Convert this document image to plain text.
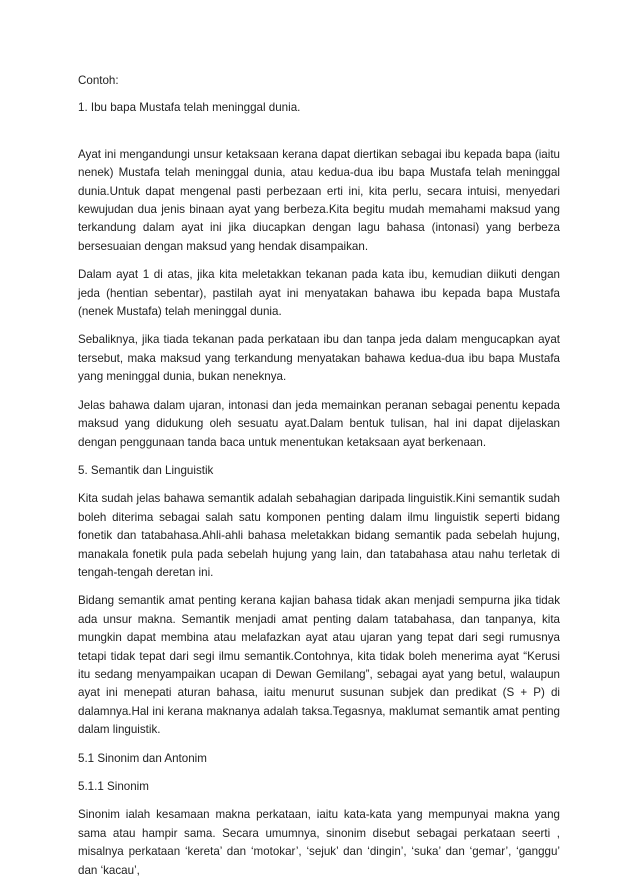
Contoh:

1. Ibu bapa Mustafa telah meninggal dunia.

Ayat ini mengandungi unsur ketaksaan kerana dapat diertikan sebagai ibu kepada bapa (iaitu nenek) Mustafa telah meninggal dunia, atau kedua-dua ibu bapa Mustafa telah meninggal dunia.Untuk dapat mengenal pasti perbezaan erti ini, kita perlu, secara intuisi, menyedari kewujudan dua jenis binaan ayat yang berbeza.Kita begitu mudah memahami maksud yang terkandung dalam ayat ini jika diucapkan dengan lagu bahasa (intonasi) yang berbeza bersesuaian dengan maksud yang hendak disampaikan.

Dalam ayat 1 di atas, jika kita meletakkan tekanan pada kata ibu, kemudian diikuti dengan jeda (hentian sebentar), pastilah ayat ini menyatakan bahawa ibu kepada bapa Mustafa (nenek Mustafa) telah meninggal dunia.

Sebaliknya, jika tiada tekanan pada perkataan ibu dan tanpa jeda dalam mengucapkan ayat tersebut, maka maksud yang terkandung menyatakan bahawa kedua-dua ibu bapa Mustafa yang meninggal dunia, bukan neneknya.

Jelas bahawa dalam ujaran, intonasi dan jeda memainkan peranan sebagai penentu kepada maksud yang didukung oleh sesuatu ayat.Dalam bentuk tulisan, hal ini dapat dijelaskan dengan penggunaan tanda baca untuk menentukan ketaksaan ayat berkenaan.

5. Semantik dan Linguistik

Kita sudah jelas bahawa semantik adalah sebahagian daripada linguistik.Kini semantik sudah boleh diterima sebagai salah satu komponen penting dalam ilmu linguistik seperti bidang fonetik dan tatabahasa.Ahli-ahli bahasa meletakkan bidang semantik pada sebelah hujung, manakala fonetik pula pada sebelah hujung yang lain, dan tatabahasa atau nahu terletak di tengah-tengah deretan ini.

Bidang semantik amat penting kerana kajian bahasa tidak akan menjadi sempurna jika tidak ada unsur makna. Semantik menjadi amat penting dalam tatabahasa, dan tanpanya, kita mungkin dapat membina atau melafazkan ayat atau ujaran yang tepat dari segi rumusnya tetapi tidak tepat dari segi ilmu semantik.Contohnya, kita tidak boleh menerima ayat “Kerusi itu sedang menyampaikan ucapan di Dewan Gemilang”, sebagai ayat yang betul, walaupun ayat ini menepati aturan bahasa, iaitu menurut susunan subjek dan predikat (S + P) di dalamnya.Hal ini kerana maknanya adalah taksa.Tegasnya, maklumat semantik amat penting dalam linguistik.

5.1 Sinonim dan Antonim

5.1.1 Sinonim

Sinonim ialah kesamaan makna perkataan, iaitu kata-kata yang mempunyai makna yang sama atau hampir sama. Secara umumnya, sinonim disebut sebagai perkataan seerti , misalnya perkataan ‘kereta’ dan ‘motokar’, ‘sejuk’ dan ‘dingin’, ‘suka’ dan ‘gemar’, ‘ganggu’ dan ‘kacau’,
